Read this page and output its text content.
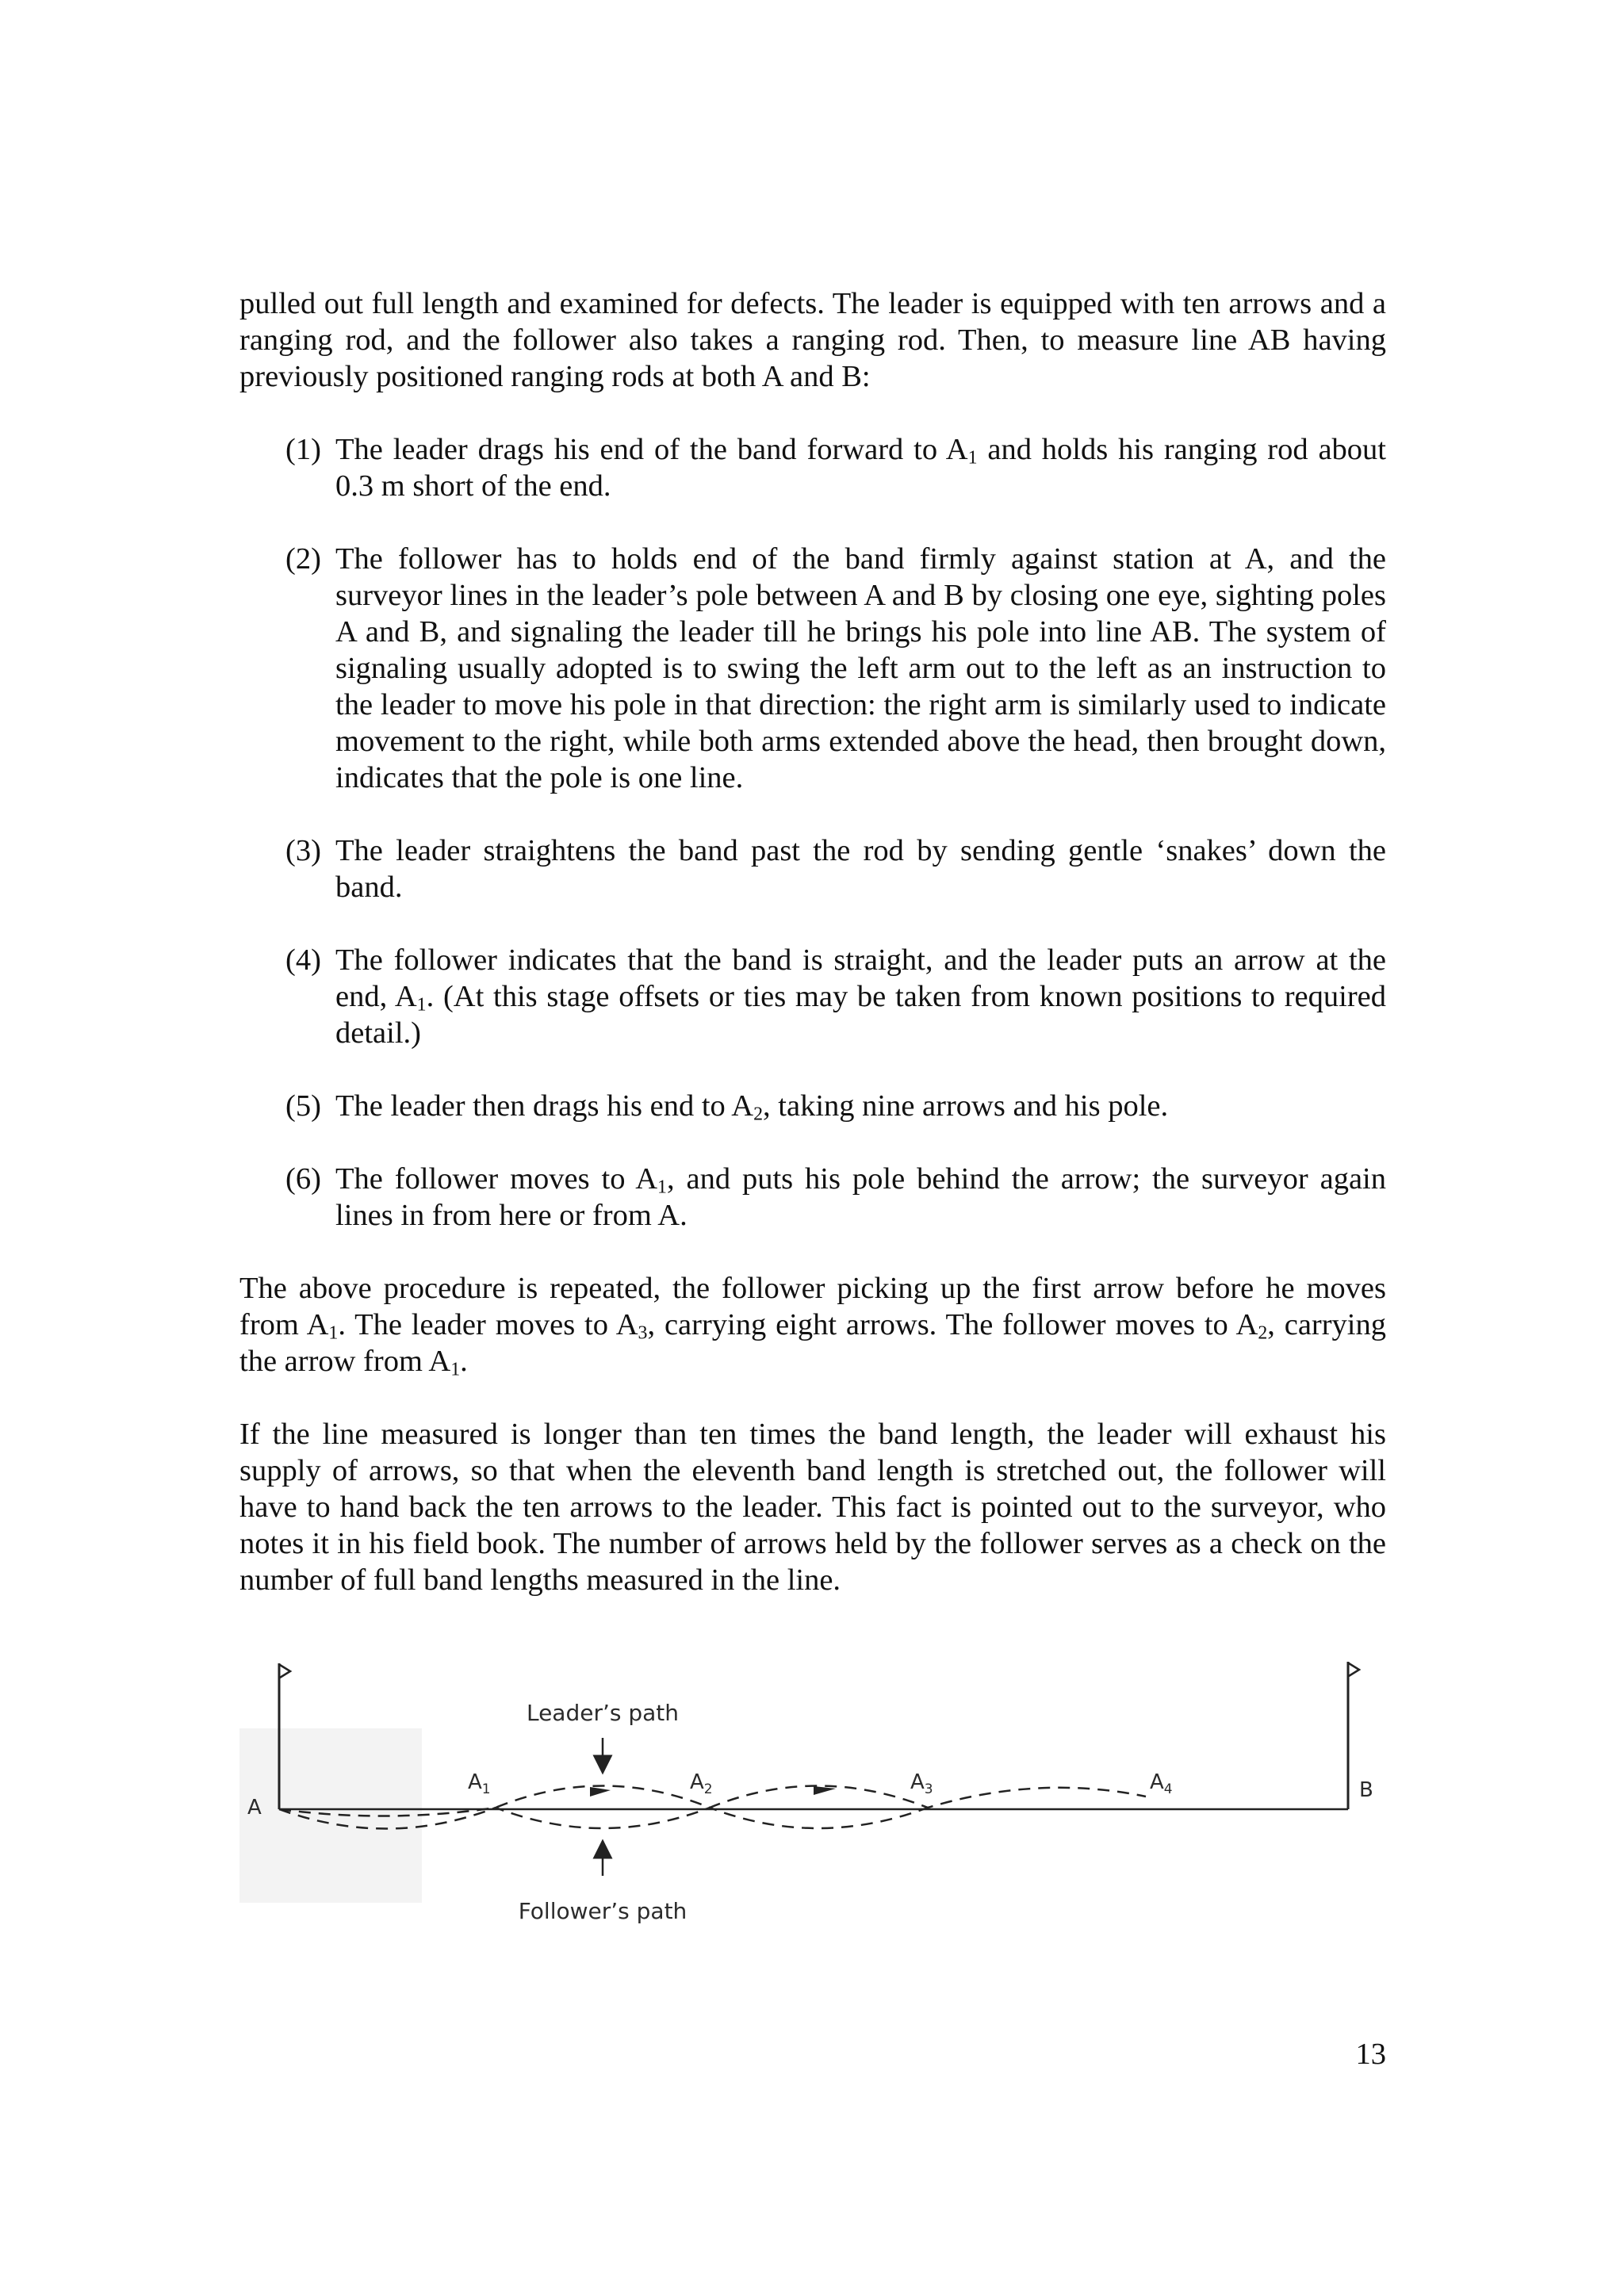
pulled out full length and examined for defects. The leader is equipped with ten arrows and a ranging rod, and the follower also takes a ranging rod. Then, to measure line AB having previously positioned ranging rods at both A and B:

(1) The leader drags his end of the band forward to $A_1$ and holds his ranging rod about 0.3 m short of the end.
(2) The follower has to holds end of the band firmly against station at A, and the surveyor lines in the leader’s pole between A and B by closing one eye, sighting poles A and B, and signaling the leader till he brings his pole into line AB. The system of signaling usually adopted is to swing the left arm out to the left as an instruction to the leader to move his pole in that direction: the right arm is similarly used to indicate movement to the right, while both arms extended above the head, then brought down, indicates that the pole is one line.
(3) The leader straightens the band past the rod by sending gentle ‘snakes’ down the band.
(4) The follower indicates that the band is straight, and the leader puts an arrow at the end, $A_1$. (At this stage offsets or ties may be taken from known positions to required detail.)
(5) The leader then drags his end to $A_2$, taking nine arrows and his pole.
(6) The follower moves to $A_1$, and puts his pole behind the arrow; the surveyor again lines in from here or from A.

The above procedure is repeated, the follower picking up the first arrow before he moves from $A_1$. The leader moves to $A_3$, carrying eight arrows. The follower moves to $A_2$, carrying the arrow from $A_1$.

If the line measured is longer than ten times the band length, the leader will exhaust his supply of arrows, so that when the eleventh band length is stretched out, the follower will have to hand back the ten arrows to the leader. This fact is pointed out to the surveyor, who notes it in his field book. The number of arrows held by the follower serves as a check on the number of full band lengths measured in the line.

Leader’s path
Follower’s path
A
B
$A_1$	$A_2$	$A_3$	$A_4$
13
